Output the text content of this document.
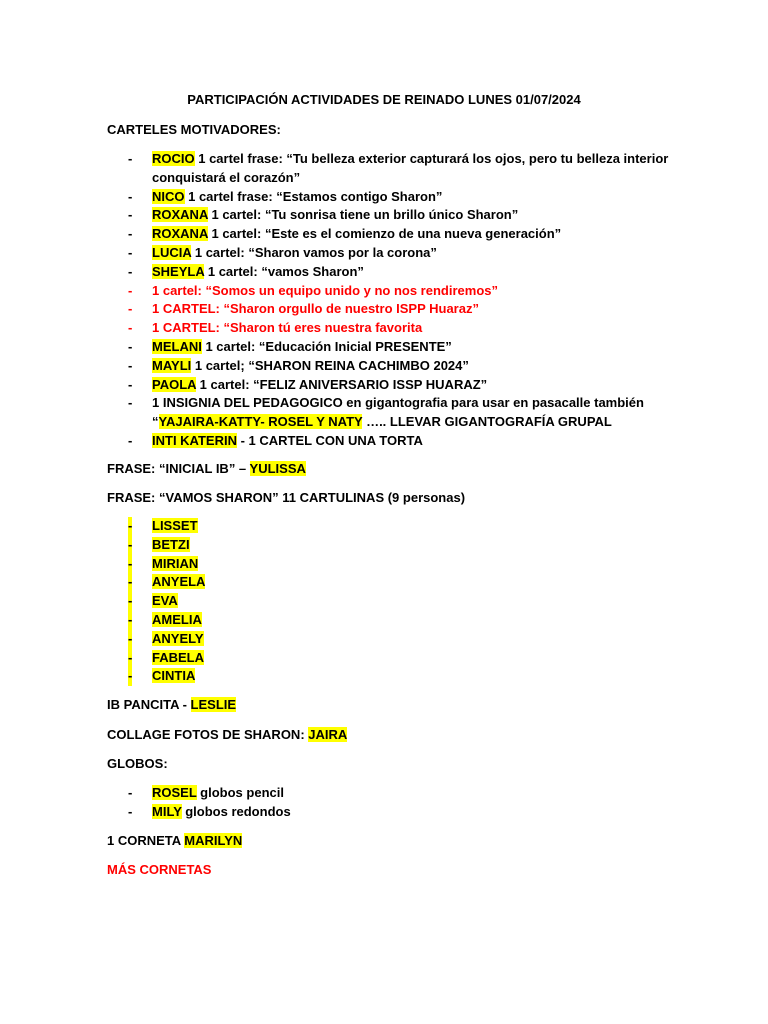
PARTICIPACIÓN ACTIVIDADES DE REINADO LUNES 01/07/2024
CARTELES MOTIVADORES:
- ROCIO 1 cartel frase: “Tu belleza exterior capturará los ojos, pero tu belleza interior conquistará el corazón”
- NICO 1 cartel frase: “Estamos contigo Sharon”
- ROXANA 1 cartel: “Tu sonrisa tiene un brillo único Sharon”
- ROXANA 1 cartel: “Este es el comienzo de una nueva generación”
- LUCIA 1 cartel: “Sharon vamos por la corona”
- SHEYLA 1 cartel: “vamos Sharon”
- 1 cartel: “Somos un equipo unido y no nos rendiremos”
- 1 CARTEL: “Sharon orgullo de nuestro ISPP Huaraz”
- 1 CARTEL: “Sharon tú eres nuestra favorita
- MELANI 1 cartel: “Educación Inicial PRESENTE”
- MAYLI 1 cartel; “SHARON REINA CACHIMBO 2024”
- PAOLA 1 cartel: “FELIZ ANIVERSARIO ISSP HUARAZ”
- 1 INSIGNIA DEL PEDAGOGICO en gigantografia para usar en pasacalle también “YAJAIRA-KATTY- ROSEL Y NATY ….. LLEVAR GIGANTOGRAFÍA GRUPAL
- INTI KATERIN - 1 CARTEL CON UNA TORTA
FRASE: “INICIAL IB” – YULISSA
FRASE: “VAMOS SHARON” 11 CARTULINAS (9 personas)
- LISSET
- BETZI
- MIRIAN
- ANYELA
- EVA
- AMELIA
- ANYELY
- FABELA
- CINTIA
IB PANCITA - LESLIE
COLLAGE FOTOS DE SHARON: JAIRA
GLOBOS:
- ROSEL globos pencil
- MILY globos redondos
1 CORNETA MARILYN
MÁS CORNETAS
